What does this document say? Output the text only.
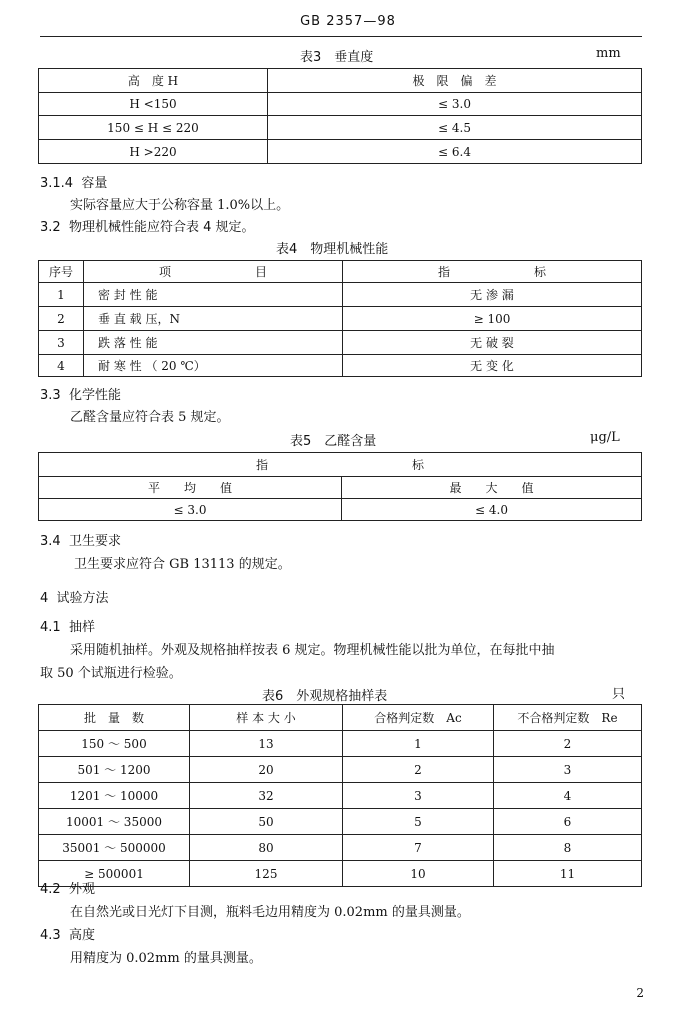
GB 2357—98
表3　垂直度	mm
高　度 H	极　限　偏　差
H <150	≤ 3.0
150 ≤ H ≤ 220	≤ 4.5
H >220	≤ 6.4
3.1.4 容量
实际容量应大于公称容量 1.0%以上。
3.2 物理机械性能应符合表 4 规定。
表4　物理机械性能
序号	项　　　　　　　目	指　　　　　　　标
1	密 封 性 能	无 渗 漏
2	垂 直 载 压，N	≥ 100
3	跌 落 性 能	无 破 裂
4	耐 寒 性 （ 20 ℃）	无 变 化
3.3 化学性能
乙醛含量应符合表 5 规定。
表5　乙醛含量	μg/L
指　　　　　　　　　　　　标	
平　　均　　值	最　　大　　值
≤ 3.0	≤ 4.0
3.4 卫生要求
卫生要求应符合 GB 13113 的规定。
4 试验方法
4.1 抽样
采用随机抽样。外观及规格抽样按表 6 规定。物理机械性能以批为单位，在每批中抽
取 50 个试瓶进行检验。
表6　外观规格抽样表	只
批　量　数	样 本 大 小	合格判定数　Ac	不合格判定数　Re
150 ～ 500	13	1	2
501 ～ 1200	20	2	3
1201 ～ 10000	32	3	4
10001 ～ 35000	50	5	6
35001 ～ 500000	80	7	8
≥ 500001	125	10	11
4.2 外观
在自然光或日光灯下目测，瓶料毛边用精度为 0.02mm 的量具测量。
4.3 高度
用精度为 0.02mm 的量具测量。
2
